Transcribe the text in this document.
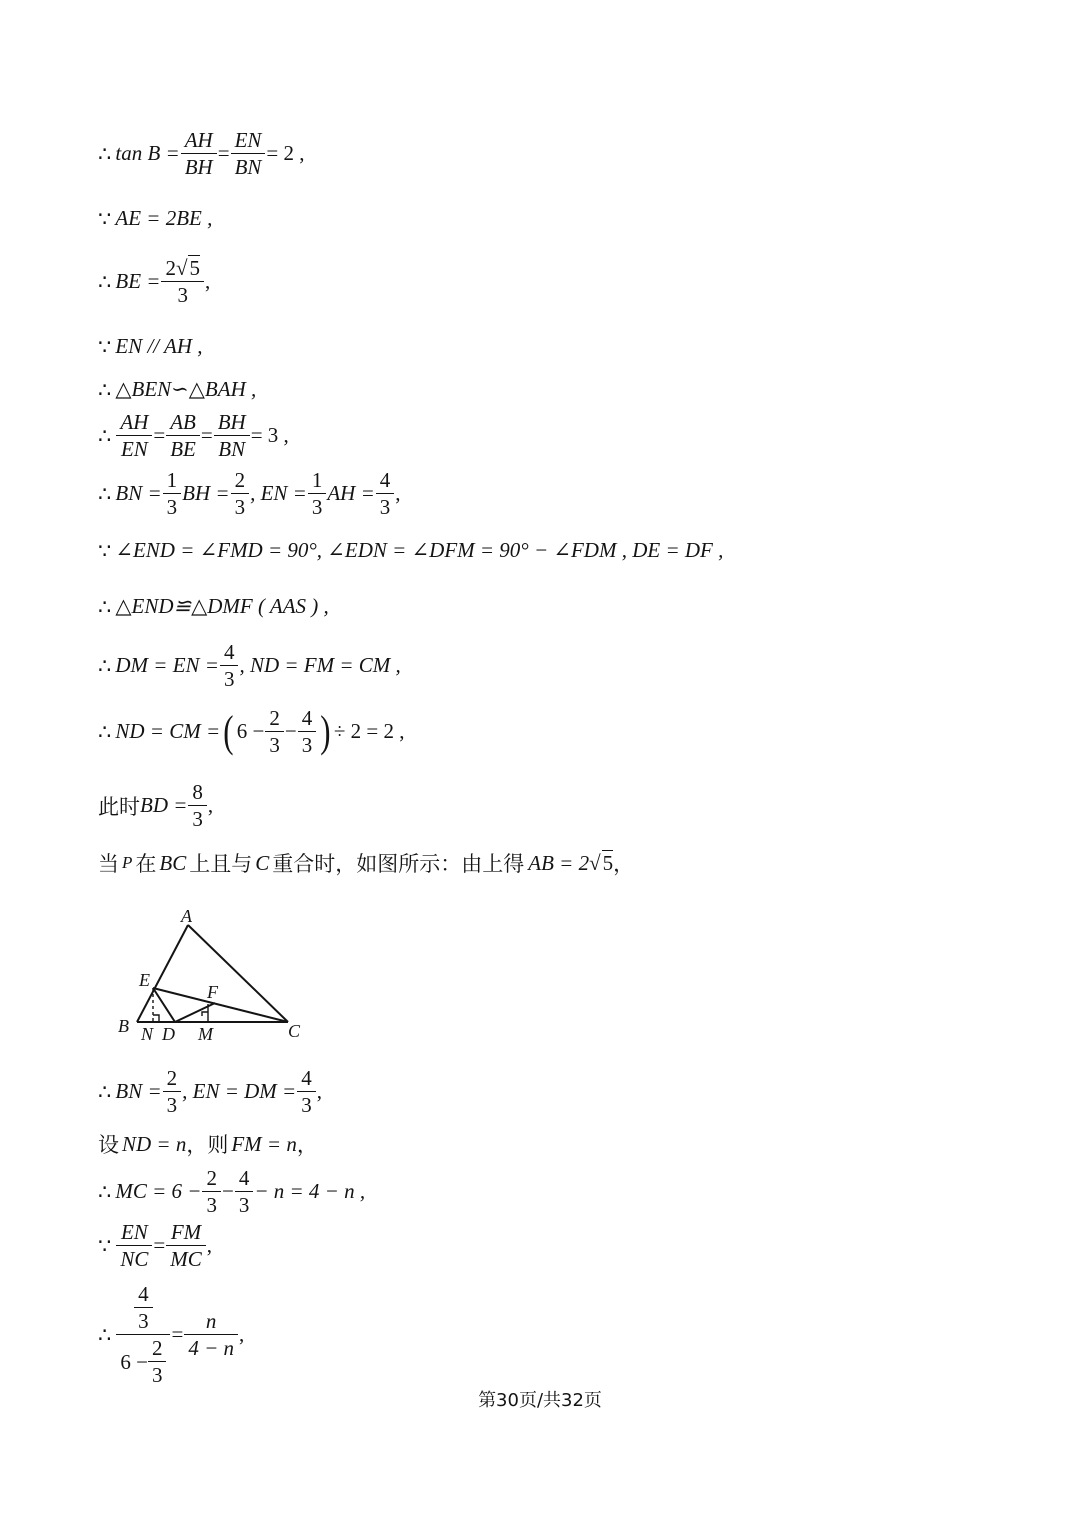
∴ $\tan B = \frac{AH}{BH} = \frac{EN}{BN} = 2$ ,
∵ AE = 2BE ,
∴ BE = $\frac{2√5}{3}$ ,
∵ EN // AH ,
∴ △BEN∽△BAH ,
∴ $\frac{AH}{EN} = \frac{AB}{BE} = \frac{BH}{BN} = 3$ ,
∴ BN = $\frac{1}{3}$ BH = $\frac{2}{3}$ , EN = $\frac{1}{3}$ AH = $\frac{4}{3}$ ,
∵ ∠END = ∠FMD = 90°, ∠EDN = ∠DFM = 90° − ∠FDM , DE = DF ,
∴ △END≌△DMF ( AAS ) ,
∴ DM = EN = $\frac{4}{3}$ , ND = FM = CM ,
∴ ND = CM = ( $6 - \frac{2}{3} - \frac{4}{3}$ ) ÷ 2 = 2 ,
此时 BD = $\frac{8}{3}$ ,
当 P 在 BC 上且与 C 重合时，如图所示：由上得 AB = 2 √ 5 ，
A
B	C
E
F
N D M
∴ BN = $\frac{2}{3}$ , EN = DM = $\frac{4}{3}$ ,
设 ND = n ，则 FM = n ，
∴ MC = $6 - \frac{2}{3} - \frac{4}{3} - n = 4 - n$ ,
∵ $\frac{EN}{NC} = \frac{FM}{MC}$ ,
∴ $\frac{\frac{4}{3}}{6 - \frac{2}{3}} = \frac{n}{4 - n}$ ,
第30页/共32页
